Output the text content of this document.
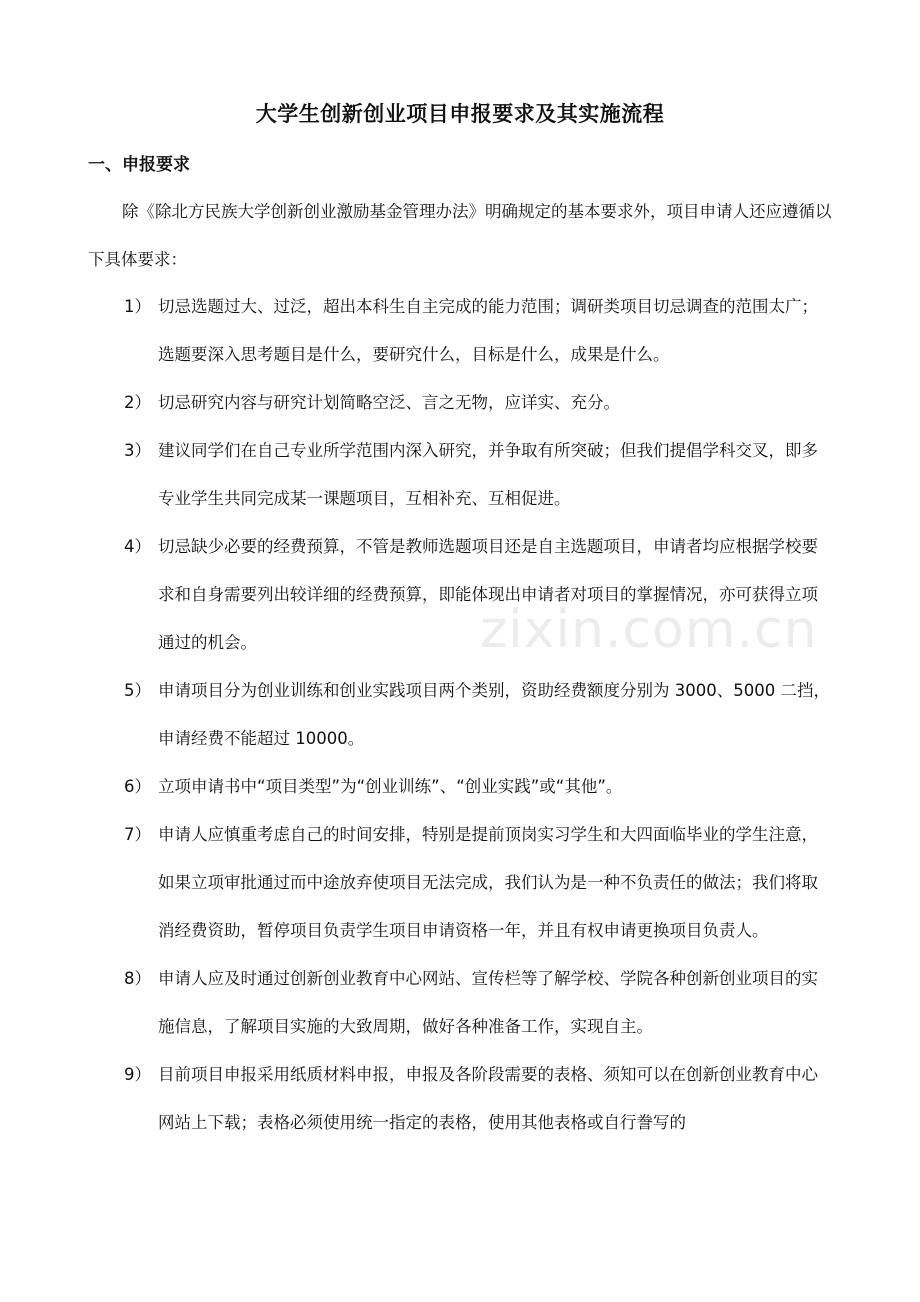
大学生创新创业项目申报要求及其实施流程
一、申报要求

除《除北方民族大学创新创业激励基金管理办法》明确规定的基本要求外，项目申请人还应遵循以下具体要求：

1） 切忌选题过大、过泛，超出本科生自主完成的能力范围；调研类项目切忌调查的范围太广；选题要深入思考题目是什么，要研究什么，目标是什么，成果是什么。
2） 切忌研究内容与研究计划简略空泛、言之无物，应详实、充分。
3） 建议同学们在自己专业所学范围内深入研究，并争取有所突破；但我们提倡学科交叉，即多专业学生共同完成某一课题项目，互相补充、互相促进。
4） 切忌缺少必要的经费预算，不管是教师选题项目还是自主选题项目，申请者均应根据学校要求和自身需要列出较详细的经费预算，即能体现出申请者对项目的掌握情况，亦可获得立项通过的机会。
5） 申请项目分为创业训练和创业实践项目两个类别，资助经费额度分别为 3000、5000 二挡，申请经费不能超过 10000。
6） 立项申请书中“项目类型”为“创业训练”、“创业实践”或“其他”。
7） 申请人应慎重考虑自己的时间安排，特别是提前顶岗实习学生和大四面临毕业的学生注意，如果立项审批通过而中途放弃使项目无法完成，我们认为是一种不负责任的做法；我们将取消经费资助，暂停项目负责学生项目申请资格一年，并且有权申请更换项目负责人。
8） 申请人应及时通过创新创业教育中心网站、宣传栏等了解学校、学院各种创新创业项目的实施信息，了解项目实施的大致周期，做好各种准备工作，实现自主。
9） 目前项目申报采用纸质材料申报，申报及各阶段需要的表格、须知可以在创新创业教育中心网站上下载；表格必须使用统一指定的表格，使用其他表格或自行誊写的
zixin.com.cn
